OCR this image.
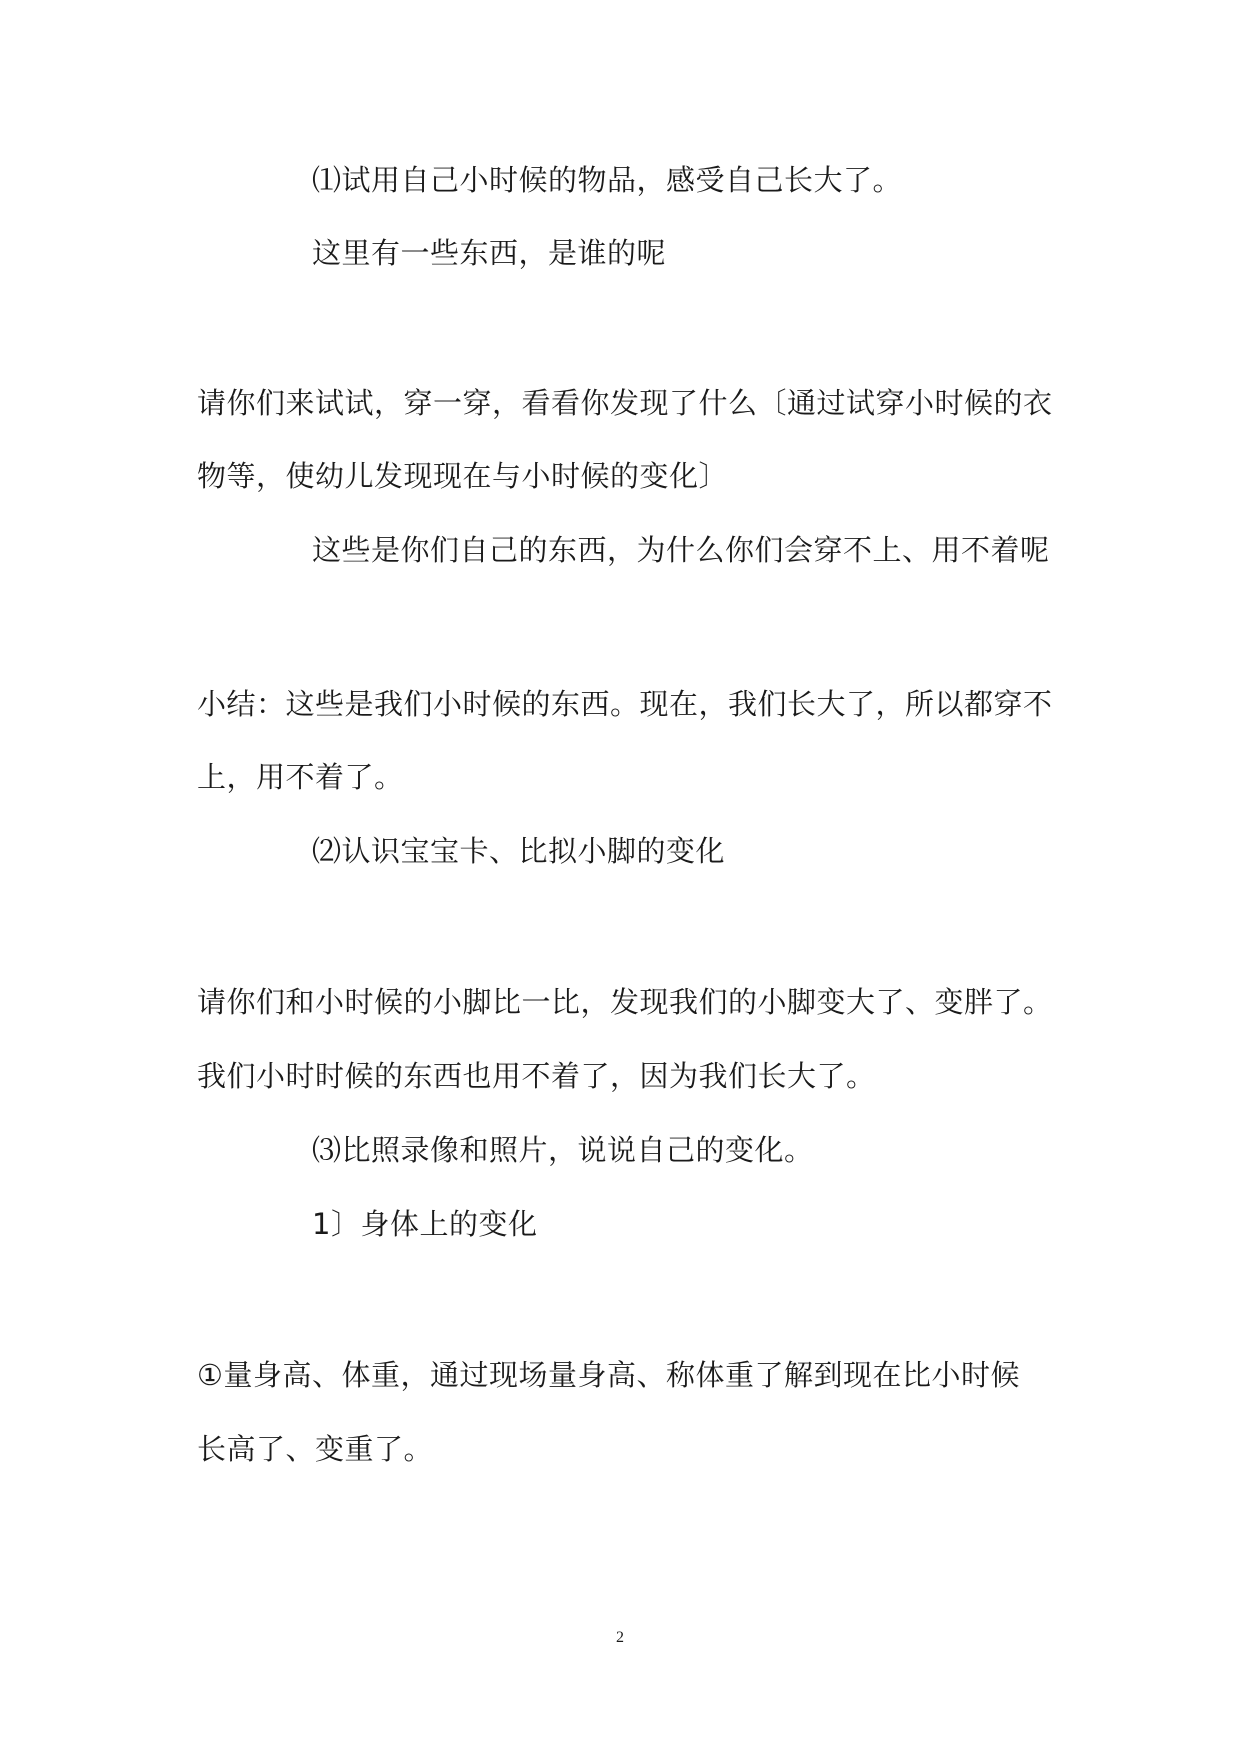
⑴试用自己小时候的物品，感受自己长大了。
这里有一些东西，是谁的呢
请你们来试试，穿一穿，看看你发现了什么〔通过试穿小时候的衣
物等，使幼儿发现现在与小时候的变化〕
这些是你们自己的东西，为什么你们会穿不上、用不着呢
小结：这些是我们小时候的东西。现在，我们长大了，所以都穿不
上，用不着了。
⑵认识宝宝卡、比拟小脚的变化
请你们和小时候的小脚比一比，发现我们的小脚变大了、变胖了。
我们小时时候的东西也用不着了，因为我们长大了。
⑶比照录像和照片，说说自己的变化。
1〕身体上的变化
①量身高、体重，通过现场量身高、称体重了解到现在比小时候
长高了、变重了。
2
